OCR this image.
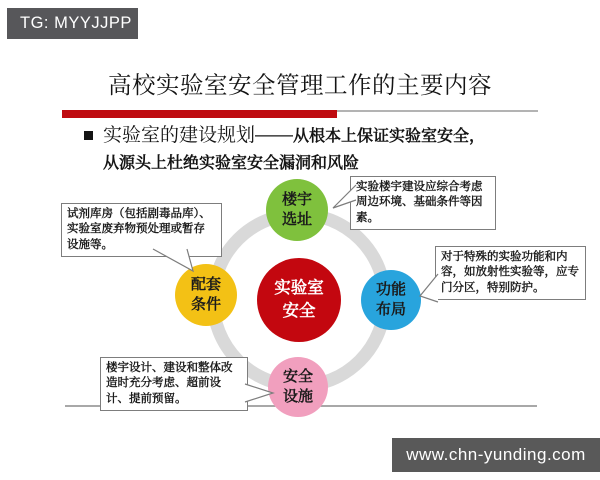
TG: MYYJJPP
高校实验室安全管理工作的主要内容
实验室的建设规划——从根本上保证实验室安全，
从源头上杜绝实验室安全漏洞和风险
楼宇
选址
配套
条件
功能
布局
安全
设施
实验室
安全
试剂库房（包括剧毒品库）、实验室废弃物预处理或暂存设施等。
实验楼宇建设应综合考虑周边环境、基础条件等因素。
对于特殊的实验功能和内容，如放射性实验等，应专门分区，特别防护。
楼宇设计、建设和整体改造时充分考虑、超前设计、提前预留。
www.chn-yunding.com
